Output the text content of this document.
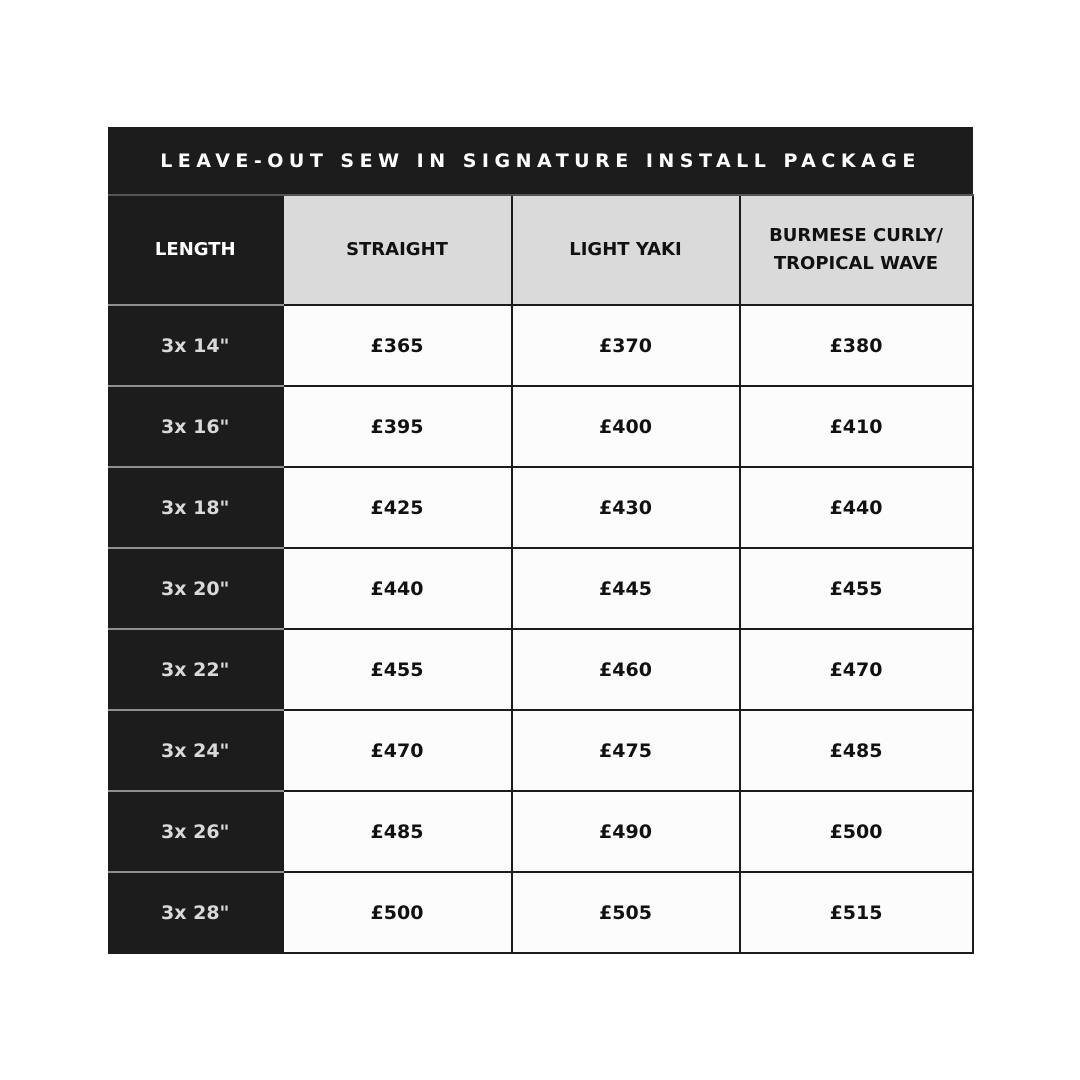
LEAVE-OUT SEW IN SIGNATURE INSTALL PACKAGE			
LENGTH	STRAIGHT	LIGHT YAKI	BURMESE CURLY/
TROPICAL WAVE
3x 14"	£365	£370	£380
3x 16"	£395	£400	£410
3x 18"	£425	£430	£440
3x 20"	£440	£445	£455
3x 22"	£455	£460	£470
3x 24"	£470	£475	£485
3x 26"	£485	£490	£500
3x 28"	£500	£505	£515
